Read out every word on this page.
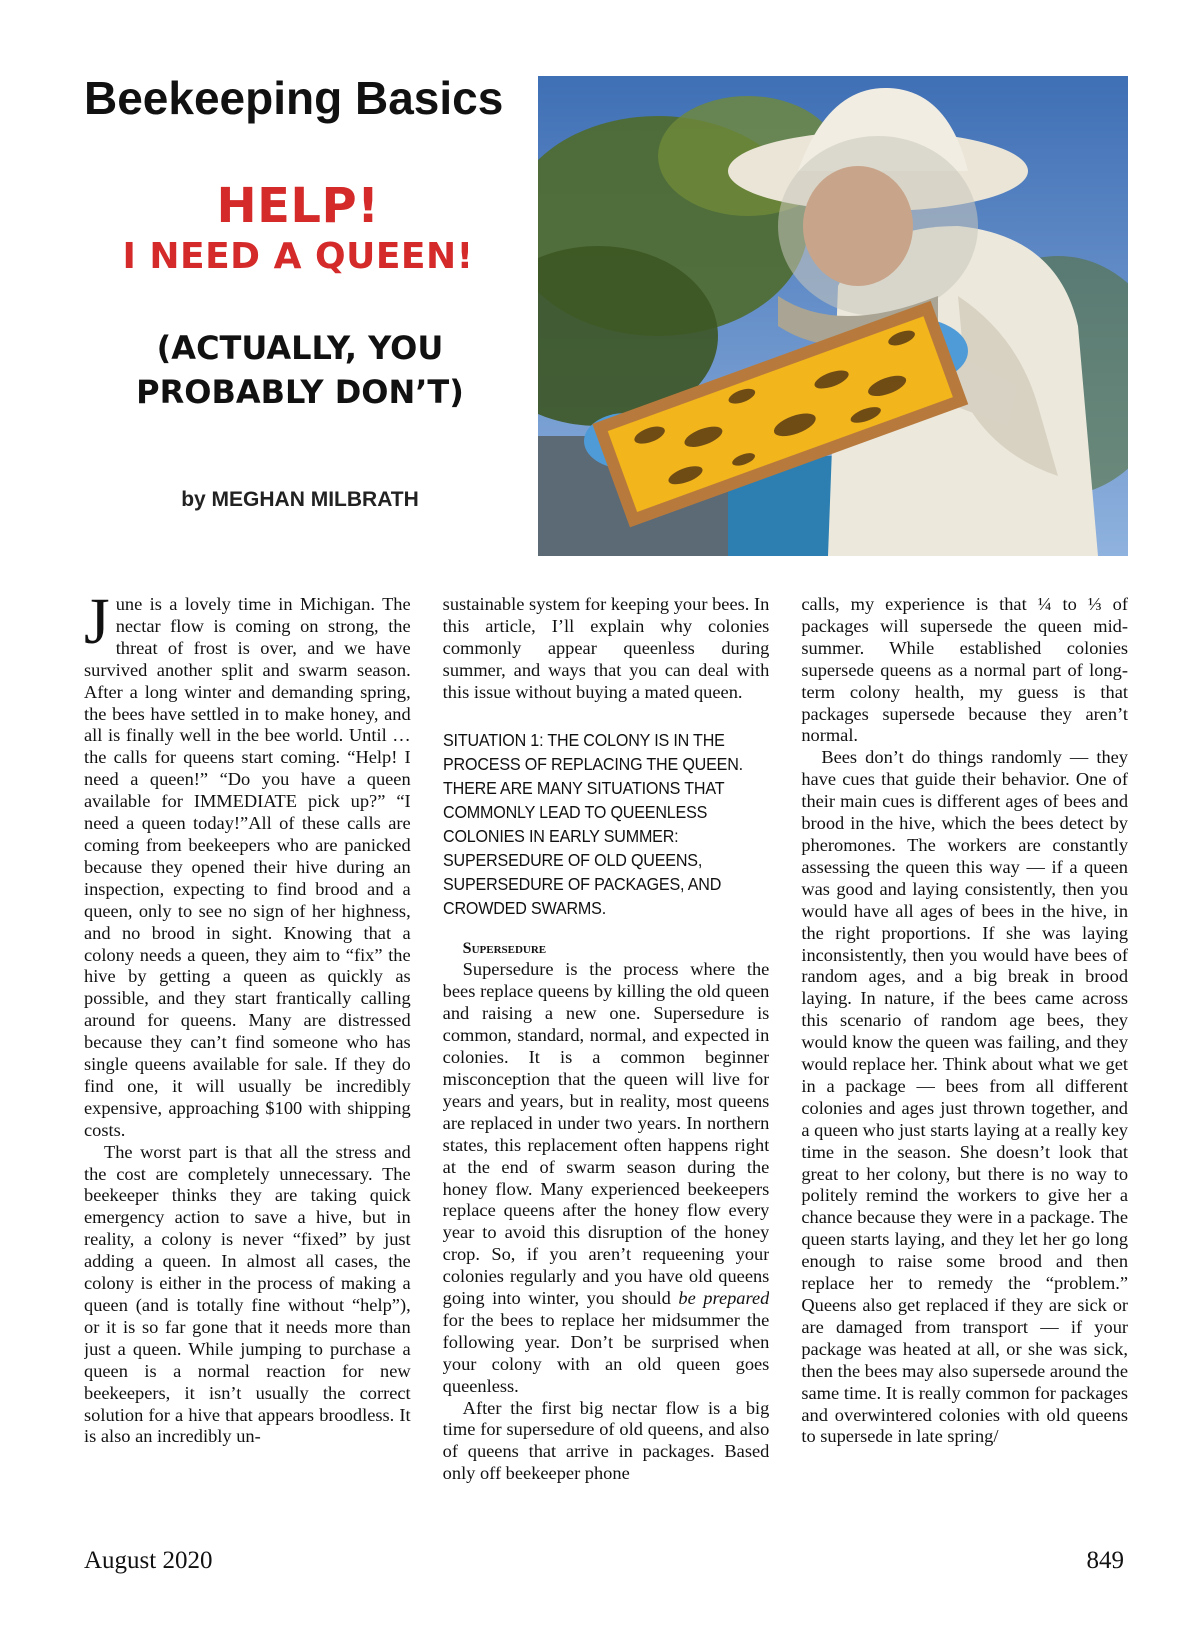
Beekeeping Basics
HELP!
I NEED A QUEEN!
(ACTUALLY, YOU PROBABLY DON’T)
by MEGHAN MILBRATH

June is a lovely time in Michigan. The nectar flow is coming on strong, the threat of frost is over, and we have survived another split and swarm season. After a long winter and demanding spring, the bees have settled in to make honey, and all is finally well in the bee world. Until … the calls for queens start coming. “Help! I need a queen!” “Do you have a queen available for IMMEDIATE pick up?” “I need a queen today!”All of these calls are coming from beekeepers who are panicked because they opened their hive during an inspection, expecting to find brood and a queen, only to see no sign of her highness, and no brood in sight. Knowing that a colony needs a queen, they aim to “fix” the hive by getting a queen as quickly as possible, and they start frantically calling around for queens. Many are distressed because they can’t find someone who has single queens available for sale. If they do find one, it will usually be incredibly expensive, approaching $100 with shipping costs.

The worst part is that all the stress and the cost are completely unnecessary. The beekeeper thinks they are taking quick emergency action to save a hive, but in reality, a colony is never “fixed” by just adding a queen. In almost all cases, the colony is either in the process of making a queen (and is totally fine without “help”), or it is so far gone that it needs more than just a queen. While jumping to purchase a queen is a normal reaction for new beekeepers, it isn’t usually the correct solution for a hive that appears broodless. It is also an incredibly un-

sustainable system for keeping your bees. In this article, I’ll explain why colonies commonly appear queenless during summer, and ways that you can deal with this issue without buying a mated queen.

SITUATION 1: THE COLONY IS IN THE PROCESS OF REPLACING THE QUEEN. THERE ARE MANY SITUATIONS THAT COMMONLY LEAD TO QUEENLESS COLONIES IN EARLY SUMMER: SUPERSEDURE OF OLD QUEENS, SUPERSEDURE OF PACKAGES, AND CROWDED SWARMS.

Supersedure

Supersedure is the process where the bees replace queens by killing the old queen and raising a new one. Supersedure is common, standard, normal, and expected in colonies. It is a common beginner misconception that the queen will live for years and years, but in reality, most queens are replaced in under two years. In northern states, this replacement often happens right at the end of swarm season during the honey flow. Many experienced beekeepers replace queens after the honey flow every year to avoid this disruption of the honey crop. So, if you aren’t requeening your colonies regularly and you have old queens going into winter, you should be prepared for the bees to replace her midsummer the following year. Don’t be surprised when your colony with an old queen goes queenless.

After the first big nectar flow is a big time for supersedure of old queens, and also of queens that arrive in packages. Based only off beekeeper phone

calls, my experience is that ¼ to ⅓ of packages will supersede the queen mid-summer. While established colonies supersede queens as a normal part of long-term colony health, my guess is that packages supersede because they aren’t normal.

Bees don’t do things randomly — they have cues that guide their behavior. One of their main cues is different ages of bees and brood in the hive, which the bees detect by pheromones. The workers are constantly assessing the queen this way — if a queen was good and laying consistently, then you would have all ages of bees in the hive, in the right proportions. If she was laying inconsistently, then you would have bees of random ages, and a big break in brood laying. In nature, if the bees came across this scenario of random age bees, they would know the queen was failing, and they would replace her. Think about what we get in a package — bees from all different colonies and ages just thrown together, and a queen who just starts laying at a really key time in the season. She doesn’t look that great to her colony, but there is no way to politely remind the workers to give her a chance because they were in a package. The queen starts laying, and they let her go long enough to raise some brood and then replace her to remedy the “problem.” Queens also get replaced if they are sick or are damaged from transport — if your package was heated at all, or she was sick, then the bees may also supersede around the same time. It is really common for packages and overwintered colonies with old queens to supersede in late spring/

August 2020	849
